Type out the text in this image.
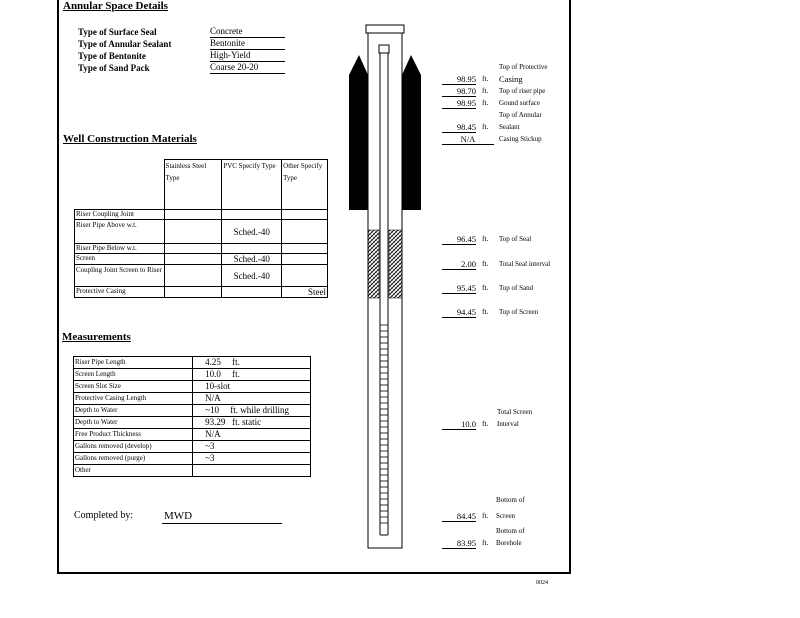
Annular Space Details
Type of Surface Seal	Concrete
Type of Annular Sealant	Bentonite
Type of Bentonite	High-Yield
Type of Sand Pack	Coarse 20-20
Well Construction Materials
	Stainless Steel Type	PVC Specify Type	Other Specify Type
Riser Coupling Joint			
Riser Pipe Above w.t.		Sched.-40	
Riser Pipe Below w.t.			
Screen		Sched.-40	
Coupling Joint Screen to Riser		Sched.-40	
Protective Casing			Steel
Measurements
Riser Pipe Length	4.25     ft.
Screen Length	10.0     ft.
Screen Slot Size	10-slot
Protective Casing Length	N/A
Depth to Water	~10     ft. while drilling
Depth to Water	93.29   ft. static
Free Product Thickness	N/A
Gallons removed (develop)	~3
Gallons removed (purge)	~3
Other	
Completed by:	MWD
Top of Protective
98.95 ft. Casing
98.70 ft. Top of riser pipe
98.95 ft. Gound surface
Top of Annular
98.45 ft. Sealant
N/A	Casing Stickup
96.45 ft. Top of Seal
2.00 ft. Total Seal interval
95.45 ft. Top of Sand
94.45 ft. Top of Screen
Total Screen
10.0 ft. Interval
Bottom of
84.45 ft. Screen
Bottom of
83.95 ft. Borehole
0024
